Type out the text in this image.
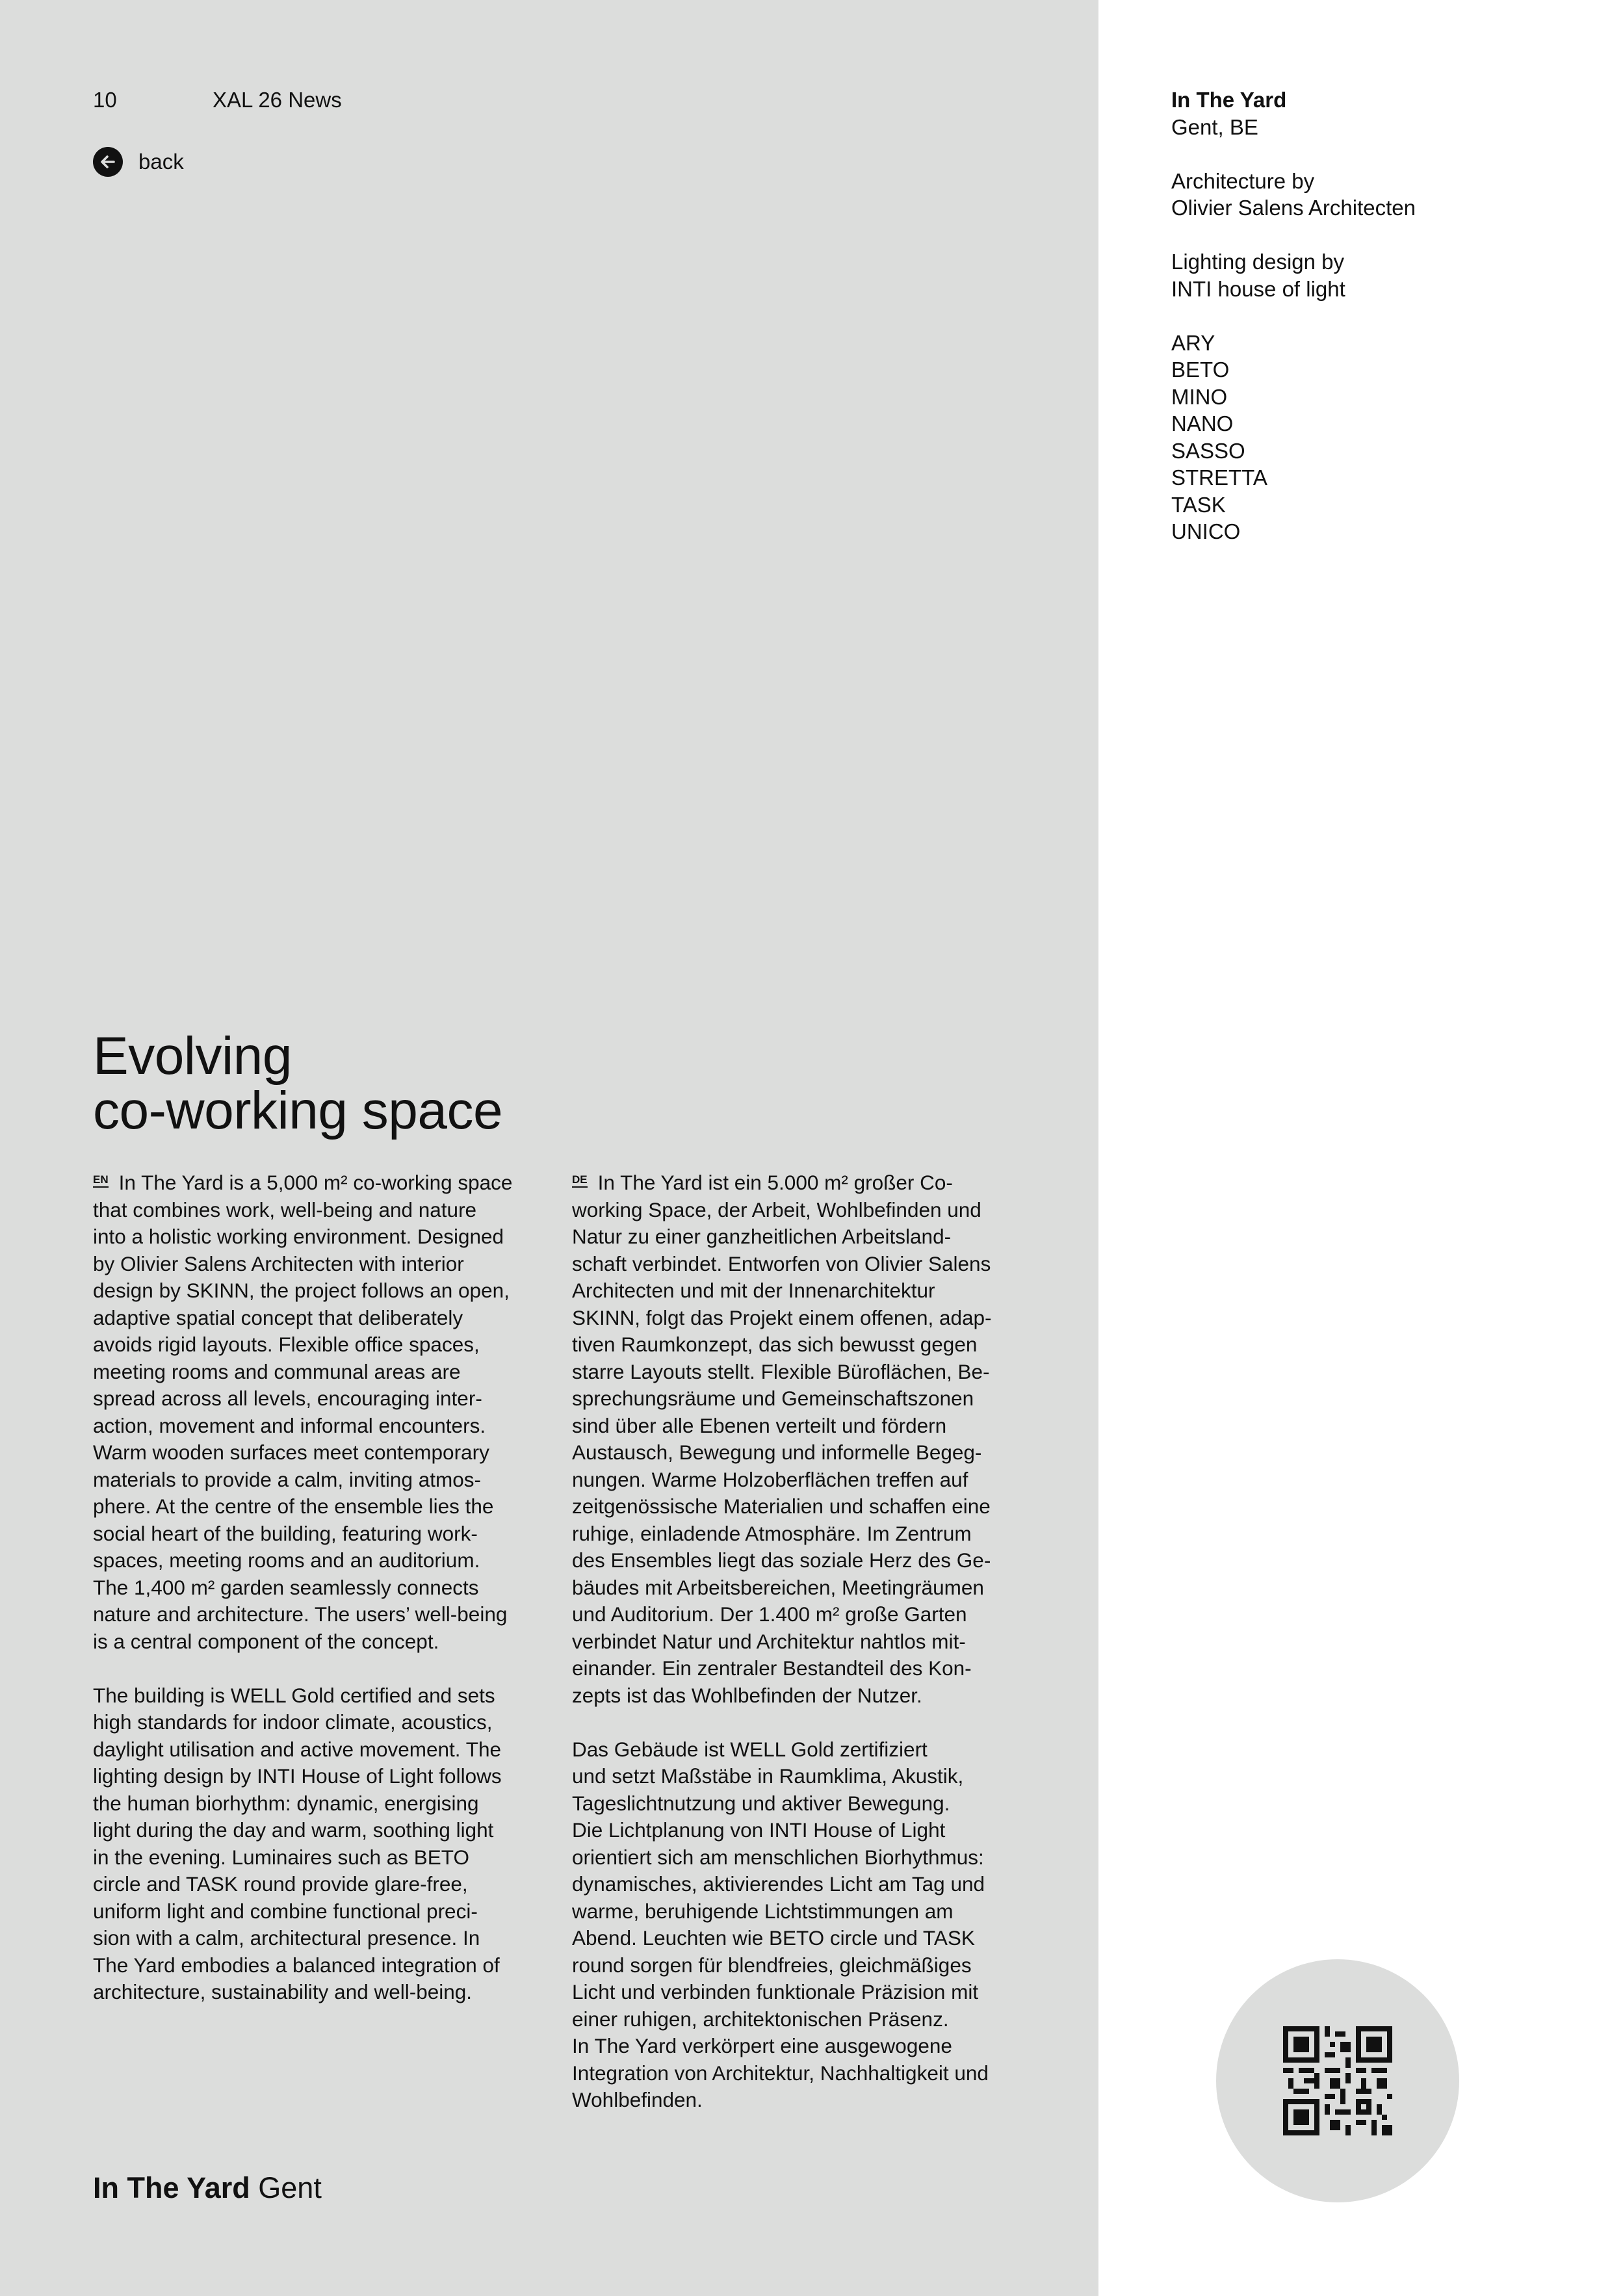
10	XAL 26 News
back
Evolving
co-working space
EN In The Yard is a 5,000 m² co-working space
that combines work, well-being and nature
into a holistic working environment. Designed
by Olivier Salens Architecten with interior
design by SKINN, the project follows an open,
adaptive spatial concept that deliberately
avoids rigid layouts. Flexible office spaces,
meeting rooms and communal areas are
spread across all levels, encouraging inter-
action, movement and informal encounters.
Warm wooden surfaces meet contemporary
materials to provide a calm, inviting atmos-
phere. At the centre of the ensemble lies the
social heart of the building, featuring work-
spaces, meeting rooms and an auditorium.
The 1,400 m² garden seamlessly connects
nature and architecture. The users’ well-being
is a central component of the concept.

The building is WELL Gold certified and sets
high standards for indoor climate, acoustics,
daylight utilisation and active movement. The
lighting design by INTI House of Light follows
the human biorhythm: dynamic, energising
light during the day and warm, soothing light
in the evening. Luminaires such as BETO
circle and TASK round provide glare-free,
uniform light and combine functional preci-
sion with a calm, architectural presence. In
The Yard embodies a balanced integration of
architecture, sustainability and well-being.
DE In The Yard ist ein 5.000 m² großer Co-
working Space, der Arbeit, Wohlbefinden und
Natur zu einer ganzheitlichen Arbeitsland-
schaft verbindet. Entworfen von Olivier Salens
Architecten und mit der Innenarchitektur
SKINN, folgt das Projekt einem offenen, adap-
tiven Raumkonzept, das sich bewusst gegen
starre Layouts stellt. Flexible Büroflächen, Be-
sprechungsräume und Gemeinschaftszonen
sind über alle Ebenen verteilt und fördern
Austausch, Bewegung und informelle Begeg-
nungen. Warme Holzoberflächen treffen auf
zeitgenössische Materialien und schaffen eine
ruhige, einladende Atmosphäre. Im Zentrum
des Ensembles liegt das soziale Herz des Ge-
bäudes mit Arbeitsbereichen, Meetingräumen
und Auditorium. Der 1.400 m² große Garten
verbindet Natur und Architektur nahtlos mit-
einander. Ein zentraler Bestandteil des Kon-
zepts ist das Wohlbefinden der Nutzer.

Das Gebäude ist WELL Gold zertifiziert
und setzt Maßstäbe in Raumklima, Akustik,
Tageslichtnutzung und aktiver Bewegung.
Die Lichtplanung von INTI House of Light
orientiert sich am menschlichen Biorhythmus:
dynamisches, aktivierendes Licht am Tag und
warme, beruhigende Lichtstimmungen am
Abend. Leuchten wie BETO circle und TASK
round sorgen für blendfreies, gleichmäßiges
Licht und verbinden funktionale Präzision mit
einer ruhigen, architektonischen Präsenz.
In The Yard verkörpert eine ausgewogene
Integration von Architektur, Nachhaltigkeit und
Wohlbefinden.
In The Yard Gent

In The Yard
Gent, BE

Architecture by
Olivier Salens Architecten

Lighting design by
INTI house of light

ARY
BETO
MINO
NANO
SASSO
STRETTA
TASK
UNICO
